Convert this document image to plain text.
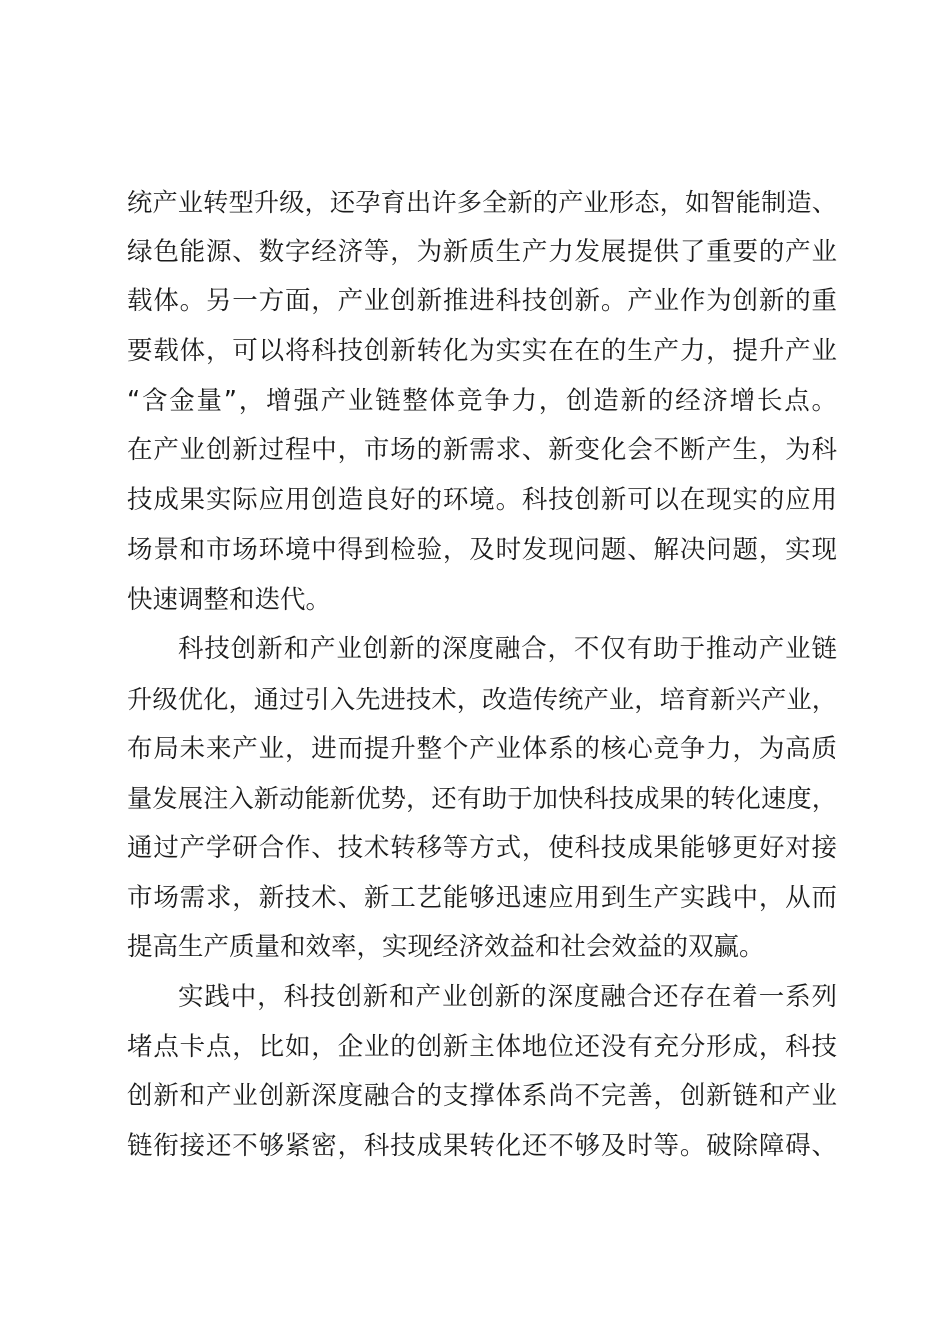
统产业转型升级，还孕育出许多全新的产业形态，如智能制造、
绿色能源、数字经济等，为新质生产力发展提供了重要的产业
载体。另一方面，产业创新推进科技创新。产业作为创新的重
要载体，可以将科技创新转化为实实在在的生产力，提升产业
“含金量”，增强产业链整体竞争力，创造新的经济增长点。
在产业创新过程中，市场的新需求、新变化会不断产生，为科
技成果实际应用创造良好的环境。科技创新可以在现实的应用
场景和市场环境中得到检验，及时发现问题、解决问题，实现
快速调整和迭代。
科技创新和产业创新的深度融合，不仅有助于推动产业链
升级优化，通过引入先进技术，改造传统产业，培育新兴产业，
布局未来产业，进而提升整个产业体系的核心竞争力，为高质
量发展注入新动能新优势，还有助于加快科技成果的转化速度，
通过产学研合作、技术转移等方式，使科技成果能够更好对接
市场需求，新技术、新工艺能够迅速应用到生产实践中，从而
提高生产质量和效率，实现经济效益和社会效益的双赢。
实践中，科技创新和产业创新的深度融合还存在着一系列
堵点卡点，比如，企业的创新主体地位还没有充分形成，科技
创新和产业创新深度融合的支撑体系尚不完善，创新链和产业
链衔接还不够紧密，科技成果转化还不够及时等。破除障碍、
